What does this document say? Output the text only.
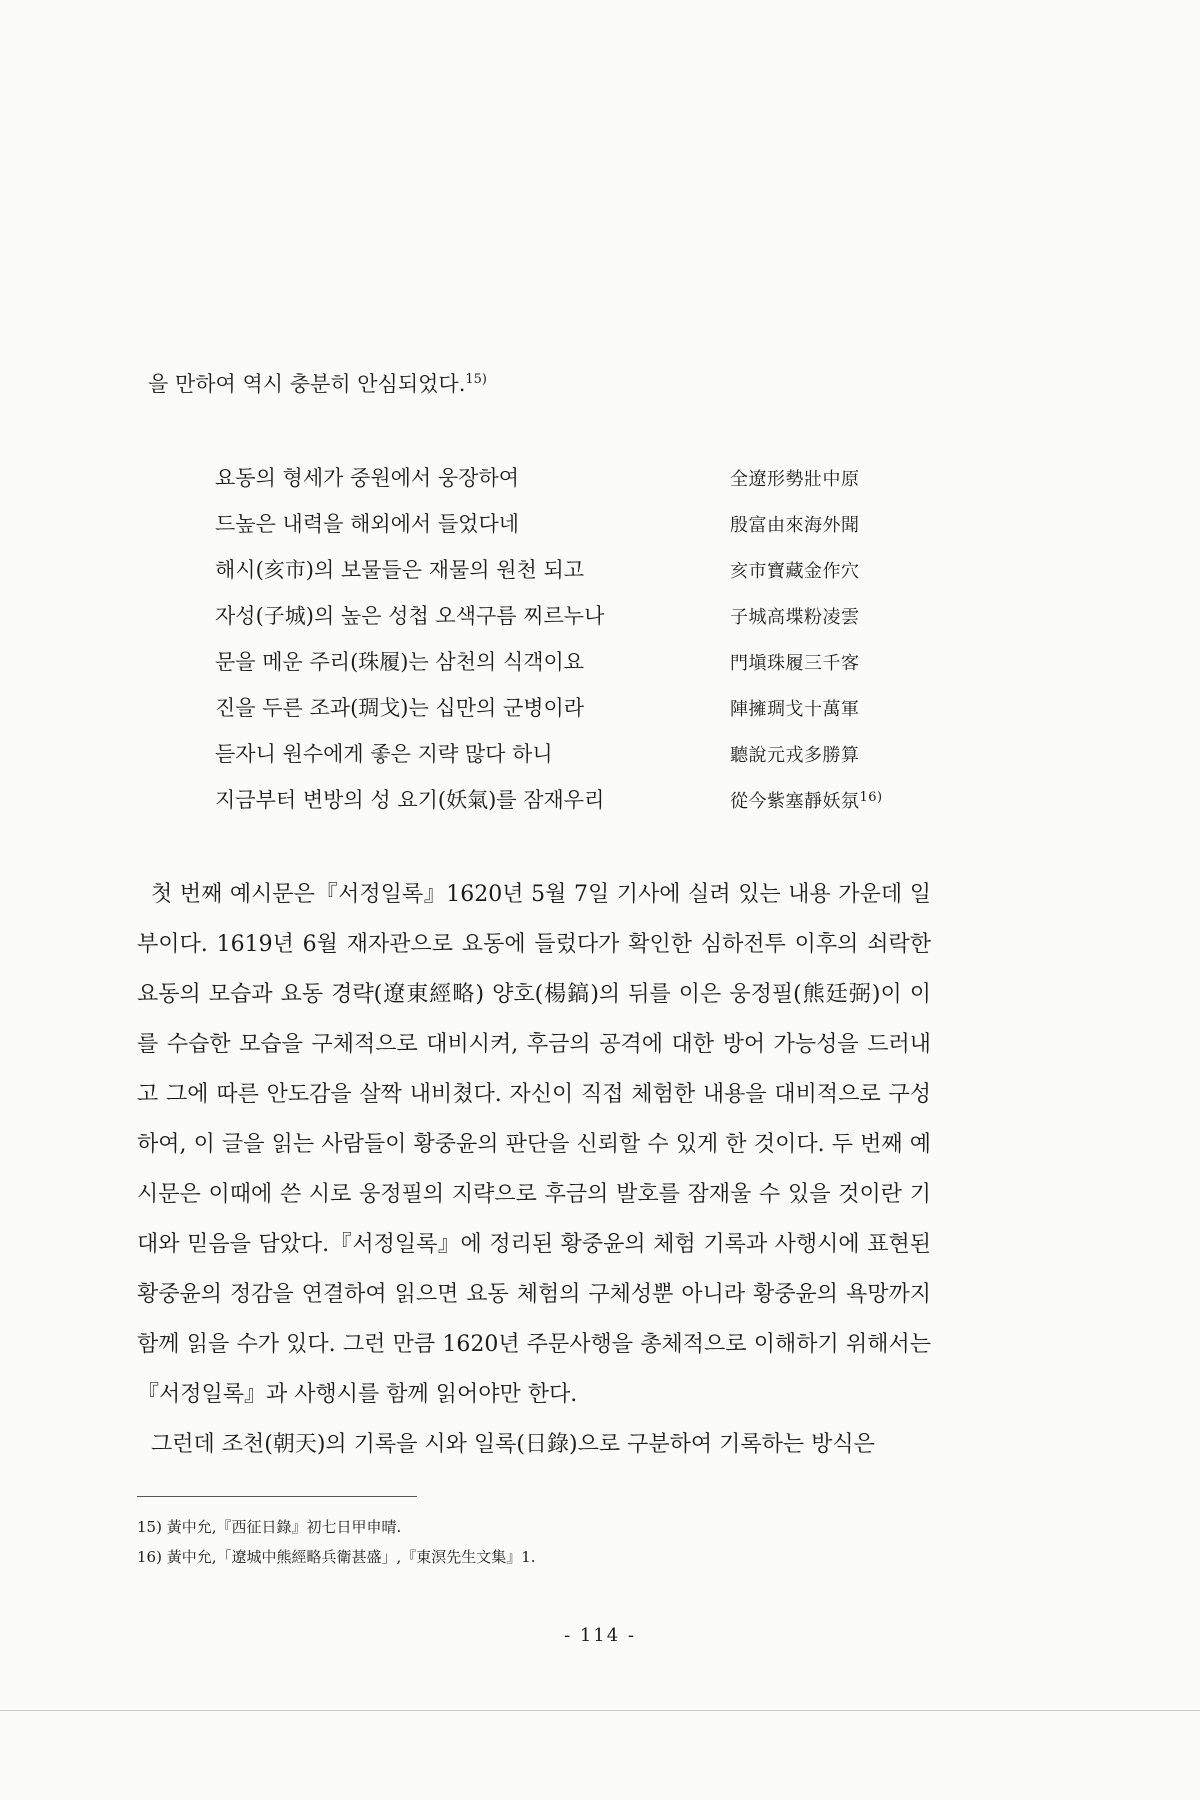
을 만하여 역시 충분히 안심되었다.$^{15)}$
요동의 형세가 중원에서 웅장하여	全遼形勢壯中原
드높은 내력을 해외에서 들었다네	殷富由來海外聞
해시(亥市)의 보물들은 재물의 원천 되고	亥市寶藏金作穴
자성(子城)의 높은 성첩 오색구름 찌르누나	子城高堞粉凌雲
문을 메운 주리(珠履)는 삼천의 식객이요	門塡珠履三千客
진을 두른 조과(琱戈)는 십만의 군병이라	陣擁琱戈十萬軍
듣자니 원수에게 좋은 지략 많다 하니	聽說元戎多勝算
지금부터 변방의 성 요기(妖氣)를 잠재우리	從今紫塞靜妖氛$^{16)}$

첫 번째 예시문은『서정일록』1620년 5월 7일 기사에 실려 있는 내용 가운데 일부이다. 1619년 6월 재자관으로 요동에 들렀다가 확인한 심하전투 이후의 쇠락한 요동의 모습과 요동 경략(遼東經略) 양호(楊鎬)의 뒤를 이은 웅정필(熊廷弼)이 이를 수습한 모습을 구체적으로 대비시켜, 후금의 공격에 대한 방어 가능성을 드러내고 그에 따른 안도감을 살짝 내비쳤다. 자신이 직접 체험한 내용을 대비적으로 구성하여, 이 글을 읽는 사람들이 황중윤의 판단을 신뢰할 수 있게 한 것이다. 두 번째 예시문은 이때에 쓴 시로 웅정필의 지략으로 후금의 발호를 잠재울 수 있을 것이란 기대와 믿음을 담았다.『서정일록』에 정리된 황중윤의 체험 기록과 사행시에 표현된 황중윤의 정감을 연결하여 읽으면 요동 체험의 구체성뿐 아니라 황중윤의 욕망까지 함께 읽을 수가 있다. 그런 만큼 1620년 주문사행을 총체적으로 이해하기 위해서는『서정일록』과 사행시를 함께 읽어야만 한다.

그런데 조천(朝天)의 기록을 시와 일록(日錄)으로 구분하여 기록하는 방식은

15) 黃中允,『西征日錄』初七日甲申晴.
16) 黃中允,「遼城中熊經略兵衛甚盛」,『東溟先生文集』1.
- 114 -
